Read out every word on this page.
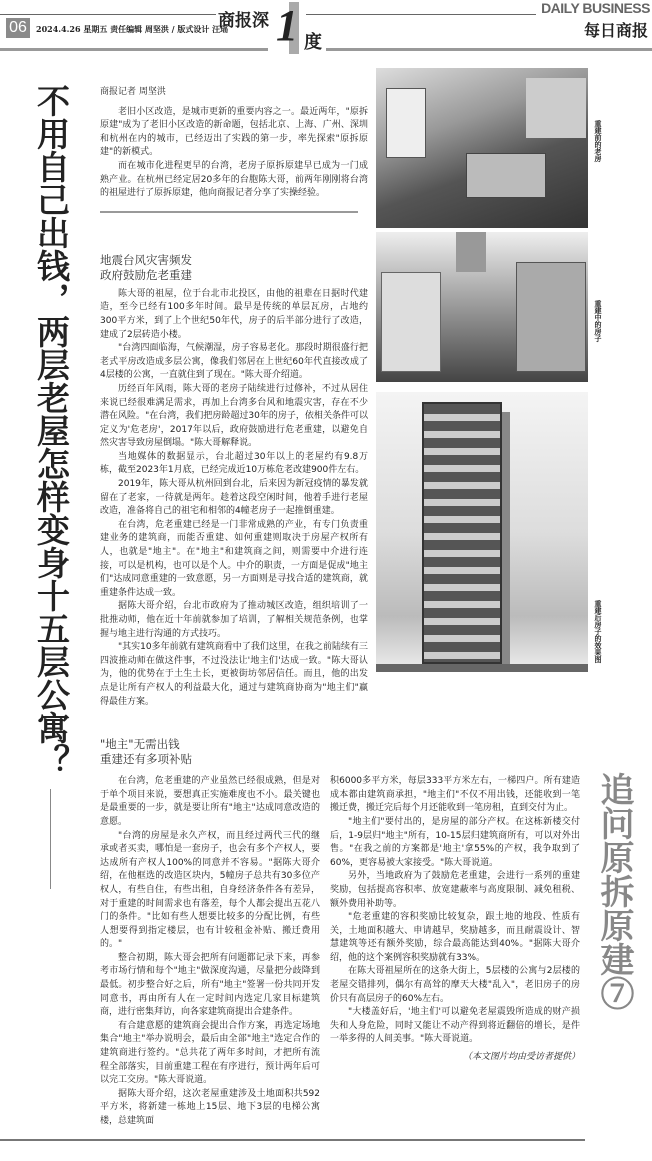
06	2024.4.26 星期五 责任编辑 周坚洪 / 版式设计 汪瑶
商报深 1 度
DAILY BUSINESS
每日商报
不用自己出钱，两层老屋怎样变身十五层公寓？	商报记者 周坚洪

老旧小区改造，是城市更新的重要内容之一。最近两年，"原拆原建"成为了老旧小区改造的新命题，包括北京、上海、广州、深圳和杭州在内的城市，已经迈出了实践的第一步，率先探索"原拆原建"的新模式。

而在城市化进程更早的台湾，老房子原拆原建早已成为一门成熟产业。在杭州已经定居20多年的台胞陈大哥，前两年刚刚将台湾的祖屋进行了原拆原建，他向商报记者分享了实操经验。

地震台风灾害频发
政府鼓励危老重建

陈大哥的祖屋，位于台北市北投区，由他的祖辈在日据时代建造，至今已经有100多年时间。最早是传统的单层瓦房，占地约300平方米，到了上个世纪50年代，房子的后半部分进行了改造，建成了2层砖造小楼。

"台湾四面临海，气候潮湿，房子容易老化。那段时期很盛行把老式平房改造成多层公寓，像我们邻居在上世纪60年代直接改成了4层楼的公寓，一直就住到了现在。"陈大哥介绍道。

历经百年风雨，陈大哥的老房子陆续进行过修补，不过从居住来说已经很难满足需求，再加上台湾多台风和地震灾害，存在不少潜在风险。"在台湾，我们把房龄超过30年的房子，依相关条件可以定义为'危老房'，2017年以后，政府鼓励进行危老重建，以避免自然灾害导致房屋倒塌。"陈大哥解释说。

当地媒体的数据显示，台北超过30年以上的老屋约有9.8万栋，截至2023年1月底，已经完成近10万栋危老改建900件左右。

2019年，陈大哥从杭州回到台北，后来因为新冠疫情的暴发就留在了老家，一待就是两年。趁着这段空闲时间，他着手进行老屋改造，准备将自己的祖宅和相邻的4幢老房子一起推倒重建。

在台湾，危老重建已经是一门非常成熟的产业，有专门负责重建业务的建筑商，而能否重建、如何重建则取决于房屋产权所有人，也就是"地主"。在"地主"和建筑商之间，则需要中介进行连接，可以是机构，也可以是个人。中介的职责，一方面是促成"地主们"达成同意重建的一致意愿，另一方面则是寻找合适的建筑商，就重建条件达成一致。

据陈大哥介绍，台北市政府为了推动城区改造，组织培训了一批推动师，他在近十年前就参加了培训，了解相关规范条例，也掌握与地主进行沟通的方式技巧。

"其实10多年前就有建筑商看中了我们这里，在我之前陆续有三四波推动师在做这件事，不过没法让'地主们'达成一致。"陈大哥认为，他的优势在于土生土长，更被街坊邻居信任。而且，他的出发点是让所有产权人的利益最大化，通过与建筑商协商为"地主们"赢得最佳方案。

"地主"无需出钱
重建还有多项补贴

在台湾，危老重建的产业虽然已经很成熟，但是对于单个项目来说，要想真正实施难度也不小。最关键也是最重要的一步，就是要让所有"地主"达成同意改造的意愿。

"台湾的房屋是永久产权，而且经过两代三代的继承或者买卖，哪怕是一套房子，也会有多个产权人，要达成所有产权人100%的同意并不容易。"据陈大哥介绍，在他框选的改造区块内，5幢房子总共有30多位产权人，有些自住，有些出租，自身经济条件各有差异，对于重建的时间需求也有落差，每个人都会提出五花八门的条件。"比如有些人想要比较多的分配比例，有些人想要得到指定楼层，也有计较租金补贴、搬迁费用的。"

整合初期，陈大哥会把所有问题都记录下来，再参考市场行情和每个"地主"做深度沟通，尽量把分歧降到最低。初步整合好之后，所有"地主"签署一份共同开发同意书，再由所有人在一定时间内选定几家目标建筑商，进行密集拜访，向各家建筑商提出合建条件。

有合建意愿的建筑商会提出合作方案，再选定场地集合"地主"举办说明会，最后由全部"地主"选定合作的建筑商进行签约。"总共花了两年多时间，才把所有流程全部落实，目前重建工程在有序进行，预计两年后可以完工交房。"陈大哥说道。

据陈大哥介绍，这次老屋重建涉及土地面积共592平方米，将新建一栋地上15层、地下3层的电梯公寓楼，总建筑面

积6000多平方米，每层333平方米左右，一梯四户。所有建造成本都由建筑商承担，"地主们"不仅不用出钱，还能收到一笔搬迁费，搬迁完后每个月还能收到一笔房租，直到交付为止。

"地主们"要付出的，是房屋的部分产权。在这栋新楼交付后，1-9层归"地主"所有，10-15层归建筑商所有，可以对外出售。"在我之前的方案都是'地主'拿55%的产权，我争取到了60%，更容易被大家接受。"陈大哥说道。

另外，当地政府为了鼓励危老重建，会进行一系列的重建奖励，包括提高容积率、放宽建蔽率与高度限制、减免租税、额外费用补助等。

"危老重建的容积奖励比较复杂，跟土地的地段、性质有关，土地面积越大、申请越早，奖励越多，而且耐震设计、智慧建筑等还有额外奖励，综合最高能达到40%。"据陈大哥介绍，他的这个案例容积奖励就有33%。

在陈大哥祖屋所在的这条大街上，5层楼的公寓与2层楼的老屋交错排列，偶尔有高耸的摩天大楼"乱入"，老旧房子的房价只有高层房子的60%左右。

"大楼盖好后，'地主们'可以避免老屋震毁所造成的财产损失和人身危险，同时又能让不动产得到将近翻倍的增长，是件一举多得的人间美事。"陈大哥说道。

（本文图片均由受访者提供）
重建前的老房
重建中的房子
重建后房子的效果图
追问原拆原建⑦
